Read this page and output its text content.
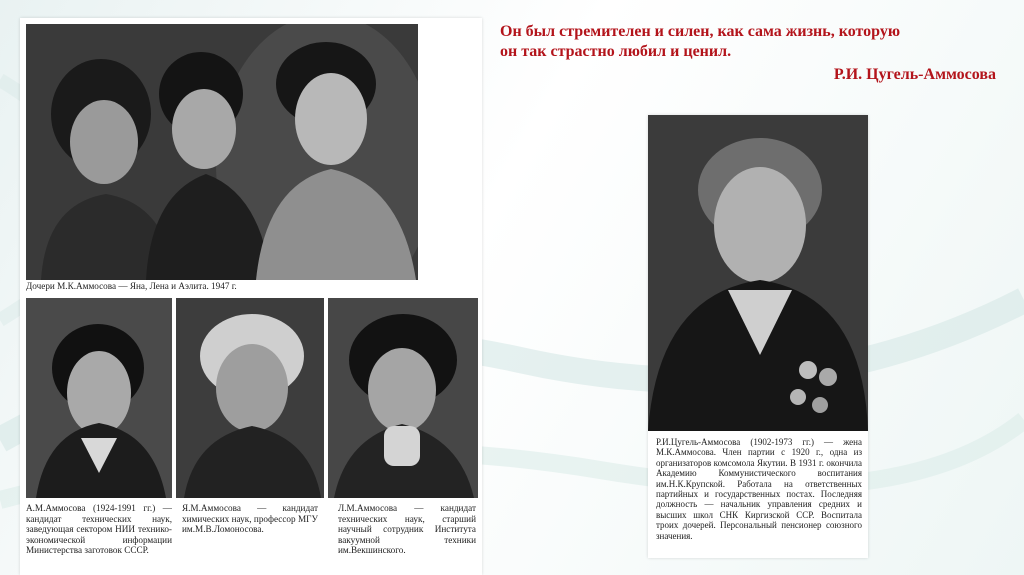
Дочери М.К.Аммосова — Яна, Лена и Аэлита. 1947 г.
А.М.Аммосова (1924-1991 гг.) — кандидат технических наук, заведующая сектором НИИ технико-экономической информации Министерства заготовок СССР.
Я.М.Аммосова — кандидат химических наук, профессор МГУ им.М.В.Ломоносова.
Л.М.Аммосова — кандидат технических наук, старший научный сотрудник Института вакуумной техники им.Векшинского.
Он был стремителен и силен, как сама жизнь, которую
он так страстно любил и ценил.
Р.И. Цугель-Аммосова
Р.И.Цугель-Аммосова (1902-1973 гг.) — жена М.К.Аммосова. Член партии с 1920 г., одна из организаторов комсомола Якутии. В 1931 г. окончила Академию Коммунистического воспитания им.Н.К.Крупской. Работала на ответственных партийных и государственных постах. Последняя должность — начальник управления средних и высших школ СНК Киргизской ССР. Воспитала троих дочерей. Персональный пенсионер союзного значения.
